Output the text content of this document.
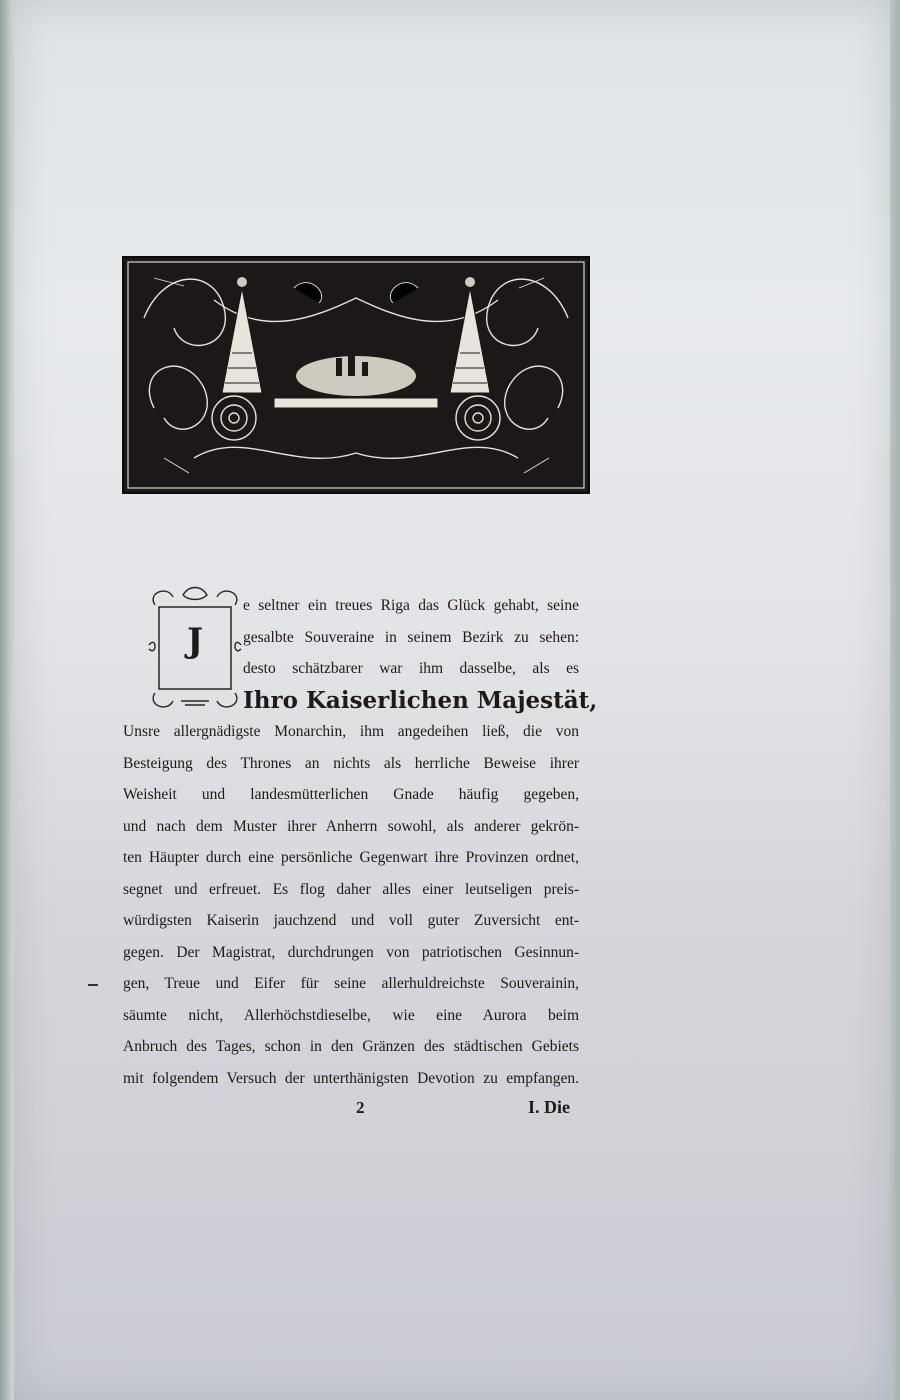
J
e seltner ein treues Riga das Glück gehabt, seine
gesalbte Souveraine in seinem Bezirk zu sehen:
desto schätzbarer war ihm dasselbe, als es
Ihro Kaiserlichen Majestät,
Unsre allergnädigste Monarchin, ihm angedeihen ließ, die von
Besteigung des Thrones an nichts als herrliche Beweise ihrer
Weisheit und landesmütterlichen Gnade häufig gegeben,
und nach dem Muster ihrer Anherrn sowohl, als anderer gekrön-
ten Häupter durch eine persönliche Gegenwart ihre Provinzen ordnet,
segnet und erfreuet. Es flog daher alles einer leutseligen preis-
würdigsten Kaiserin jauchzend und voll guter Zuversicht ent-
gegen. Der Magistrat, durchdrungen von patriotischen Gesinnun-
gen, Treue und Eifer für seine allerhuldreichste Souverainin,
säumte nicht, Allerhöchstdieselbe, wie eine Aurora beim
Anbruch des Tages, schon in den Gränzen des städtischen Gebiets
mit folgendem Versuch der unterthänigsten Devotion zu empfangen.
2	I. Die
